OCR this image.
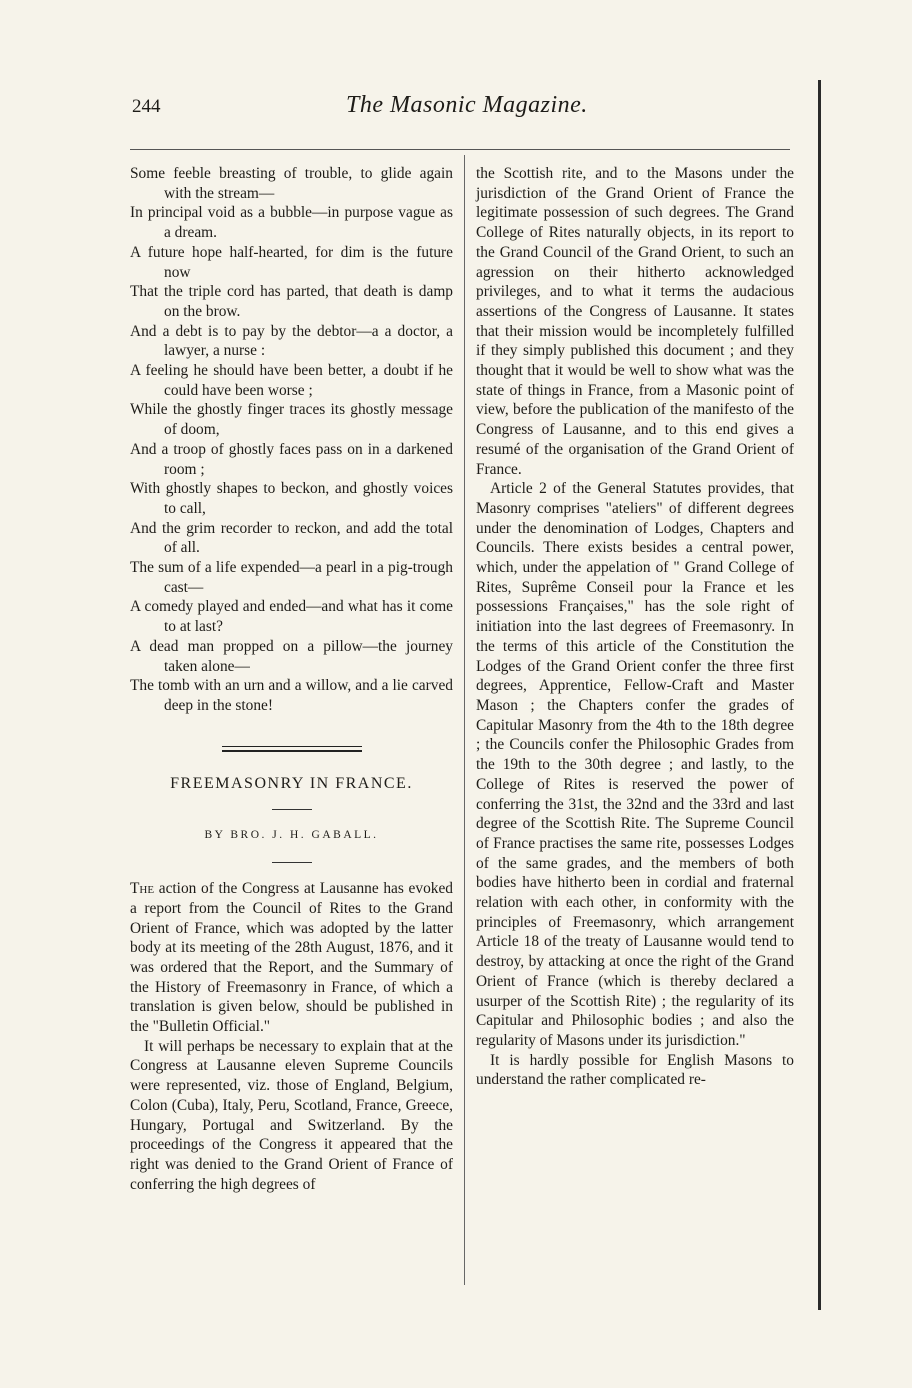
244	The Masonic Magazine.

Some feeble breasting of trouble, to glide again with the stream—

In principal void as a bubble—in purpose vague as a dream.

A future hope half-hearted, for dim is the future now

That the triple cord has parted, that death is damp on the brow.

And a debt is to pay by the debtor—a a doctor, a lawyer, a nurse :

A feeling he should have been better, a doubt if he could have been worse ;

While the ghostly finger traces its ghostly message of doom,

And a troop of ghostly faces pass on in a darkened room ;

With ghostly shapes to beckon, and ghostly voices to call,

And the grim recorder to reckon, and add the total of all.

The sum of a life expended—a pearl in a pig-trough cast—

A comedy played and ended—and what has it come to at last?

A dead man propped on a pillow—the journey taken alone—

The tomb with an urn and a willow, and a lie carved deep in the stone!

FREEMASONRY IN FRANCE.

BY BRO. J. H. GABALL.

The action of the Congress at Lausanne has evoked a report from the Council of Rites to the Grand Orient of France, which was adopted by the latter body at its meeting of the 28th August, 1876, and it was ordered that the Report, and the Summary of the History of Freemasonry in France, of which a translation is given below, should be published in the "Bulletin Official."

It will perhaps be necessary to explain that at the Congress at Lausanne eleven Supreme Councils were represented, viz. those of England, Belgium, Colon (Cuba), Italy, Peru, Scotland, France, Greece, Hungary, Portugal and Switzerland. By the proceedings of the Congress it appeared that the right was denied to the Grand Orient of France of conferring the high degrees of

the Scottish rite, and to the Masons under the jurisdiction of the Grand Orient of France the legitimate possession of such degrees. The Grand College of Rites naturally objects, in its report to the Grand Council of the Grand Orient, to such an agression on their hitherto acknowledged privileges, and to what it terms the audacious assertions of the Congress of Lausanne. It states that their mission would be incompletely fulfilled if they simply published this document ; and they thought that it would be well to show what was the state of things in France, from a Masonic point of view, before the publication of the manifesto of the Congress of Lausanne, and to this end gives a resumé of the organisation of the Grand Orient of France.

Article 2 of the General Statutes provides, that Masonry comprises "ateliers" of different degrees under the denomination of Lodges, Chapters and Councils. There exists besides a central power, which, under the appelation of " Grand College of Rites, Suprême Conseil pour la France et les possessions Françaises," has the sole right of initiation into the last degrees of Freemasonry. In the terms of this article of the Constitution the Lodges of the Grand Orient confer the three first degrees, Apprentice, Fellow-Craft and Master Mason ; the Chapters confer the grades of Capitular Masonry from the 4th to the 18th degree ; the Councils confer the Philosophic Grades from the 19th to the 30th degree ; and lastly, to the College of Rites is reserved the power of conferring the 31st, the 32nd and the 33rd and last degree of the Scottish Rite. The Supreme Council of France practises the same rite, possesses Lodges of the same grades, and the members of both bodies have hitherto been in cordial and fraternal relation with each other, in conformity with the principles of Freemasonry, which arrangement Article 18 of the treaty of Lausanne would tend to destroy, by attacking at once the right of the Grand Orient of France (which is thereby declared a usurper of the Scottish Rite) ; the regularity of its Capitular and Philosophic bodies ; and also the regularity of Masons under its jurisdiction."

It is hardly possible for English Masons to understand the rather complicated re-
